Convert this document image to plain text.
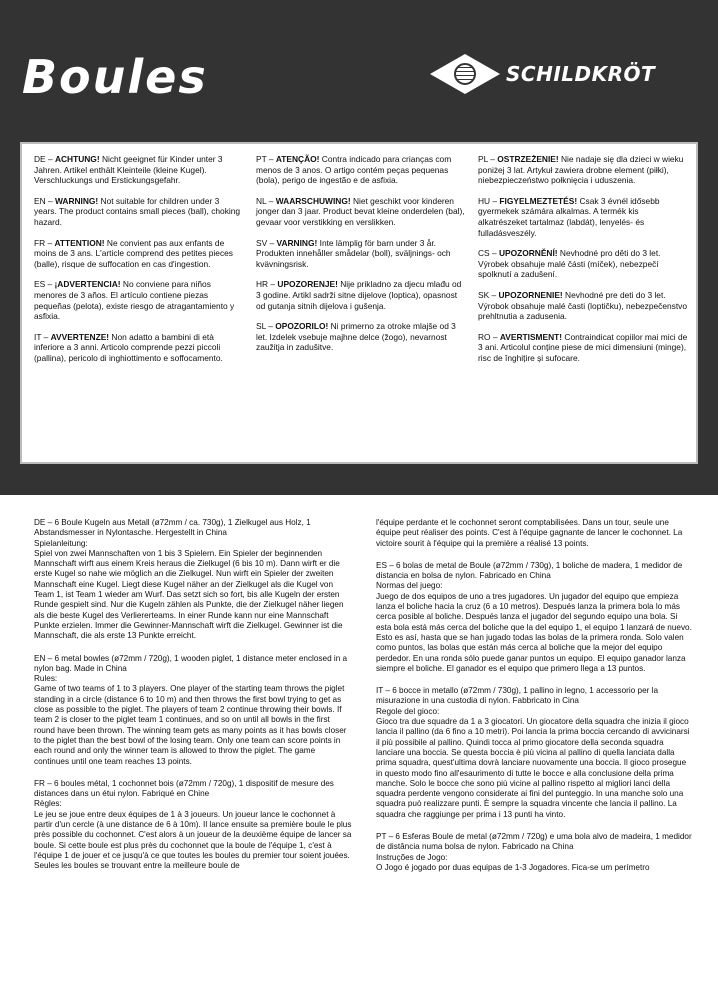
Boules	SCHILDKRÖT
DE – ACHTUNG! Nicht geeignet für Kinder unter 3 Jahren. Artikel enthält Kleinteile (kleine Kugel). Verschluckungs und Erstickungsgefahr.
EN – WARNING! Not suitable for children under 3 years. The product contains small pieces (ball), choking hazard.
FR – ATTENTION! Ne convient pas aux enfants de moins de 3 ans. L'article comprend des petites pieces (balle), risque de suffocation en cas d'ingestion.
ES – ¡ADVERTENCIA! No conviene para niños menores de 3 años. El artículo contiene piezas pequeñas (pelota), existe riesgo de atragantamiento y asfixia.
IT – AVVERTENZE! Non adatto a bambini di età inferiore a 3 anni. Articolo comprende pezzi piccoli (pallina), pericolo di inghiottimento e soffocamento.
PT – ATENÇÃO! Contra indicado para crianças com menos de 3 anos. O artigo contém peças pequenas (bola), perigo de ingestão e de asfixia.
NL – WAARSCHUWING! Niet geschikt voor kinderen jonger dan 3 jaar. Product bevat kleine onderdelen (bal), gevaar voor verstikking en verslikken.
SV – VARNING! Inte lämplig för barn under 3 år. Produkten innehåller smådelar (boll), sväljnings- och kvävningsrisk.
HR – UPOZORENJE! Nije prikladno za djecu mlađu od 3 godine. Artikl sadrži sitne dijelove (loptica), opasnost od gutanja sitnih dijelova i gušenja.
SL – OPOZORILO! Ni primerno za otroke mlajše od 3 let. Izdelek vsebuje majhne delce (žogo), nevarnost zaužitja in zadušitve.
PL – OSTRZEŻENIE! Nie nadaje się dla dzieci w wieku poniżej 3 lat. Artykuł zawiera drobne element (piłki), niebezpieczeństwo połknięcia i uduszenia.
HU – FIGYELMEZTETÉS! Csak 3 évnél idősebb gyermekek számára alkalmas. A termék kis alkatrészeket tartalmaz (labdát), lenyelés- és fulladásveszély.
CS – UPOZORNĚNÍ! Nevhodné pro děti do 3 let. Výrobek obsahuje malé části (míček), nebezpečí spolknutí a zadušení.
SK – UPOZORNENIE! Nevhodné pre deti do 3 let. Výrobok obsahuje malé časti (loptičku), nebezpečenstvo prehltnutia a zadusenia.
RO – AVERTISMENT! Contraindicat copiilor mai mici de 3 ani. Articolul conține piese de mici dimensiuni (minge), risc de înghițire și sufocare.
DE – 6 Boule Kugeln aus Metall (ø72mm / ca. 730g), 1 Zielkugel aus Holz, 1 Abstandsmesser in Nylontasche. Hergestellt in China
Spielanleitung:
Spiel von zwei Mannschaften von 1 bis 3 Spielern. Ein Spieler der beginnenden Mannschaft wirft aus einem Kreis heraus die Zielkugel (6 bis 10 m). Dann wirft er die erste Kugel so nahe wie möglich an die Zielkugel. Nun wirft ein Spieler der zweiten Mannschaft eine Kugel. Liegt diese Kugel näher an der Zielkugel als die Kugel von Team 1, ist Team 1 wieder am Wurf. Das setzt sich so fort, bis alle Kugeln der ersten Runde gespielt sind. Nur die Kugeln zählen als Punkte, die der Zielkugel näher liegen als die beste Kugel des Verliererteams. In einer Runde kann nur eine Mannschaft Punkte erzielen. Immer die Gewinner-Mannschaft wirft die Zielkugel. Gewinner ist die Mannschaft, die als erste 13 Punkte erreicht.
EN – 6 metal bowles (ø72mm / 720g), 1 wooden piglet, 1 distance meter enclosed in a nylon bag. Made in China
Rules:
Game of two teams of 1 to 3 players. One player of the starting team throws the piglet standing in a circle (distance 6 to 10 m) and then throws the first bowl trying to get as close as possible to the piglet. The players of team 2 continue throwing their bowls. If team 2 is closer to the piglet team 1 continues, and so on until all bowls in the first round have been thrown. The winning team gets as many points as it has bowls closer to the piglet than the best bowl of the losing team. Only one team can score points in each round and only the winner team is allowed to throw the piglet. The game continues until one team reaches 13 points.
FR – 6 boules métal, 1 cochonnet bois (ø72mm / 720g), 1 dispositif de mesure des distances dans un étui nylon. Fabriqué en Chine
Règles:
Le jeu se joue entre deux équipes de 1 à 3 joueurs. Un joueur lance le cochonnet à partir d'un cercle (à une distance de 6 à 10m). Il lance ensuite sa première boule le plus près possible du cochonnet. C'est alors à un joueur de la deuxième équipe de lancer sa boule. Si cette boule est plus près du cochonnet que la boule de l'équipe 1, c'est à l'équipe 1 de jouer et ce jusqu'à ce que toutes les boules du premier tour soient jouées. Seules les boules se trouvant entre la meilleure boule de
l'équipe perdante et le cochonnet seront comptabilisées. Dans un tour, seule une équipe peut réaliser des points. C'est à l'équipe gagnante de lancer le cochonnet. La victoire sourit à l'équipe qui la première a réalisé 13 points.
ES – 6 bolas de metal de Boule (ø72mm / 730g), 1 boliche de madera, 1 medidor de distancia en bolsa de nylon. Fabricado en China
Normas del juego:
Juego de dos equipos de uno a tres jugadores. Un jugador del equipo que empieza lanza el boliche hacia la cruz (6 a 10 metros). Después lanza la primera bola lo más cerca posible al boliche. Después lanza el jugador del segundo equipo una bola. Si esta bola está más cerca del boliche que la del equipo 1, el equipo 1 lanzará de nuevo. Esto es así, hasta que se han jugado todas las bolas de la primera ronda. Solo valen como puntos, las bolas que están más cerca al boliche que la mejor del equipo perdedor. En una ronda sólo puede ganar puntos un equipo. El equipo ganador lanza siempre el boliche. El ganador es el equipo que primero llega a 13 puntos.
IT – 6 bocce in metallo (ø72mm / 730g), 1 pallino in legno, 1 accessorio per la misurazione in una custodia di nylon. Fabbricato in Cina
Regole del gioco:
Gioco tra due squadre da 1 a 3 giocatori. Un giocatore della squadra che inizia il gioco lancia il pallino (da 6 fino a 10 metri). Poi lancia la prima boccia cercando di avvicinarsi il più possibile al pallino. Quindi tocca al primo giocatore della seconda squadra lanciare una boccia. Se questa boccia è più vicina al pallino di quella lanciata dalla prima squadra, quest'ultima dovrà lanciare nuovamente una boccia. Il gioco prosegue in questo modo fino all'esaurimento di tutte le bocce e alla conclusione della prima manche. Solo le bocce che sono più vicine al pallino rispetto al migliori lanci della squadra perdente vengono considerate ai fini del punteggio. In una manche solo una squadra può realizzare punti. È sempre la squadra vincente che lancia il pallino. La squadra che raggiunge per prima i 13 punti ha vinto.
PT – 6 Esferas Boule de metal (ø72mm / 720g) e uma bola alvo de madeira, 1 medidor de distância numa bolsa de nylon. Fabricado na China
Instruções de Jogo:
O Jogo é jogado por duas equipas de 1-3 Jogadores. Fica-se um perímetro
